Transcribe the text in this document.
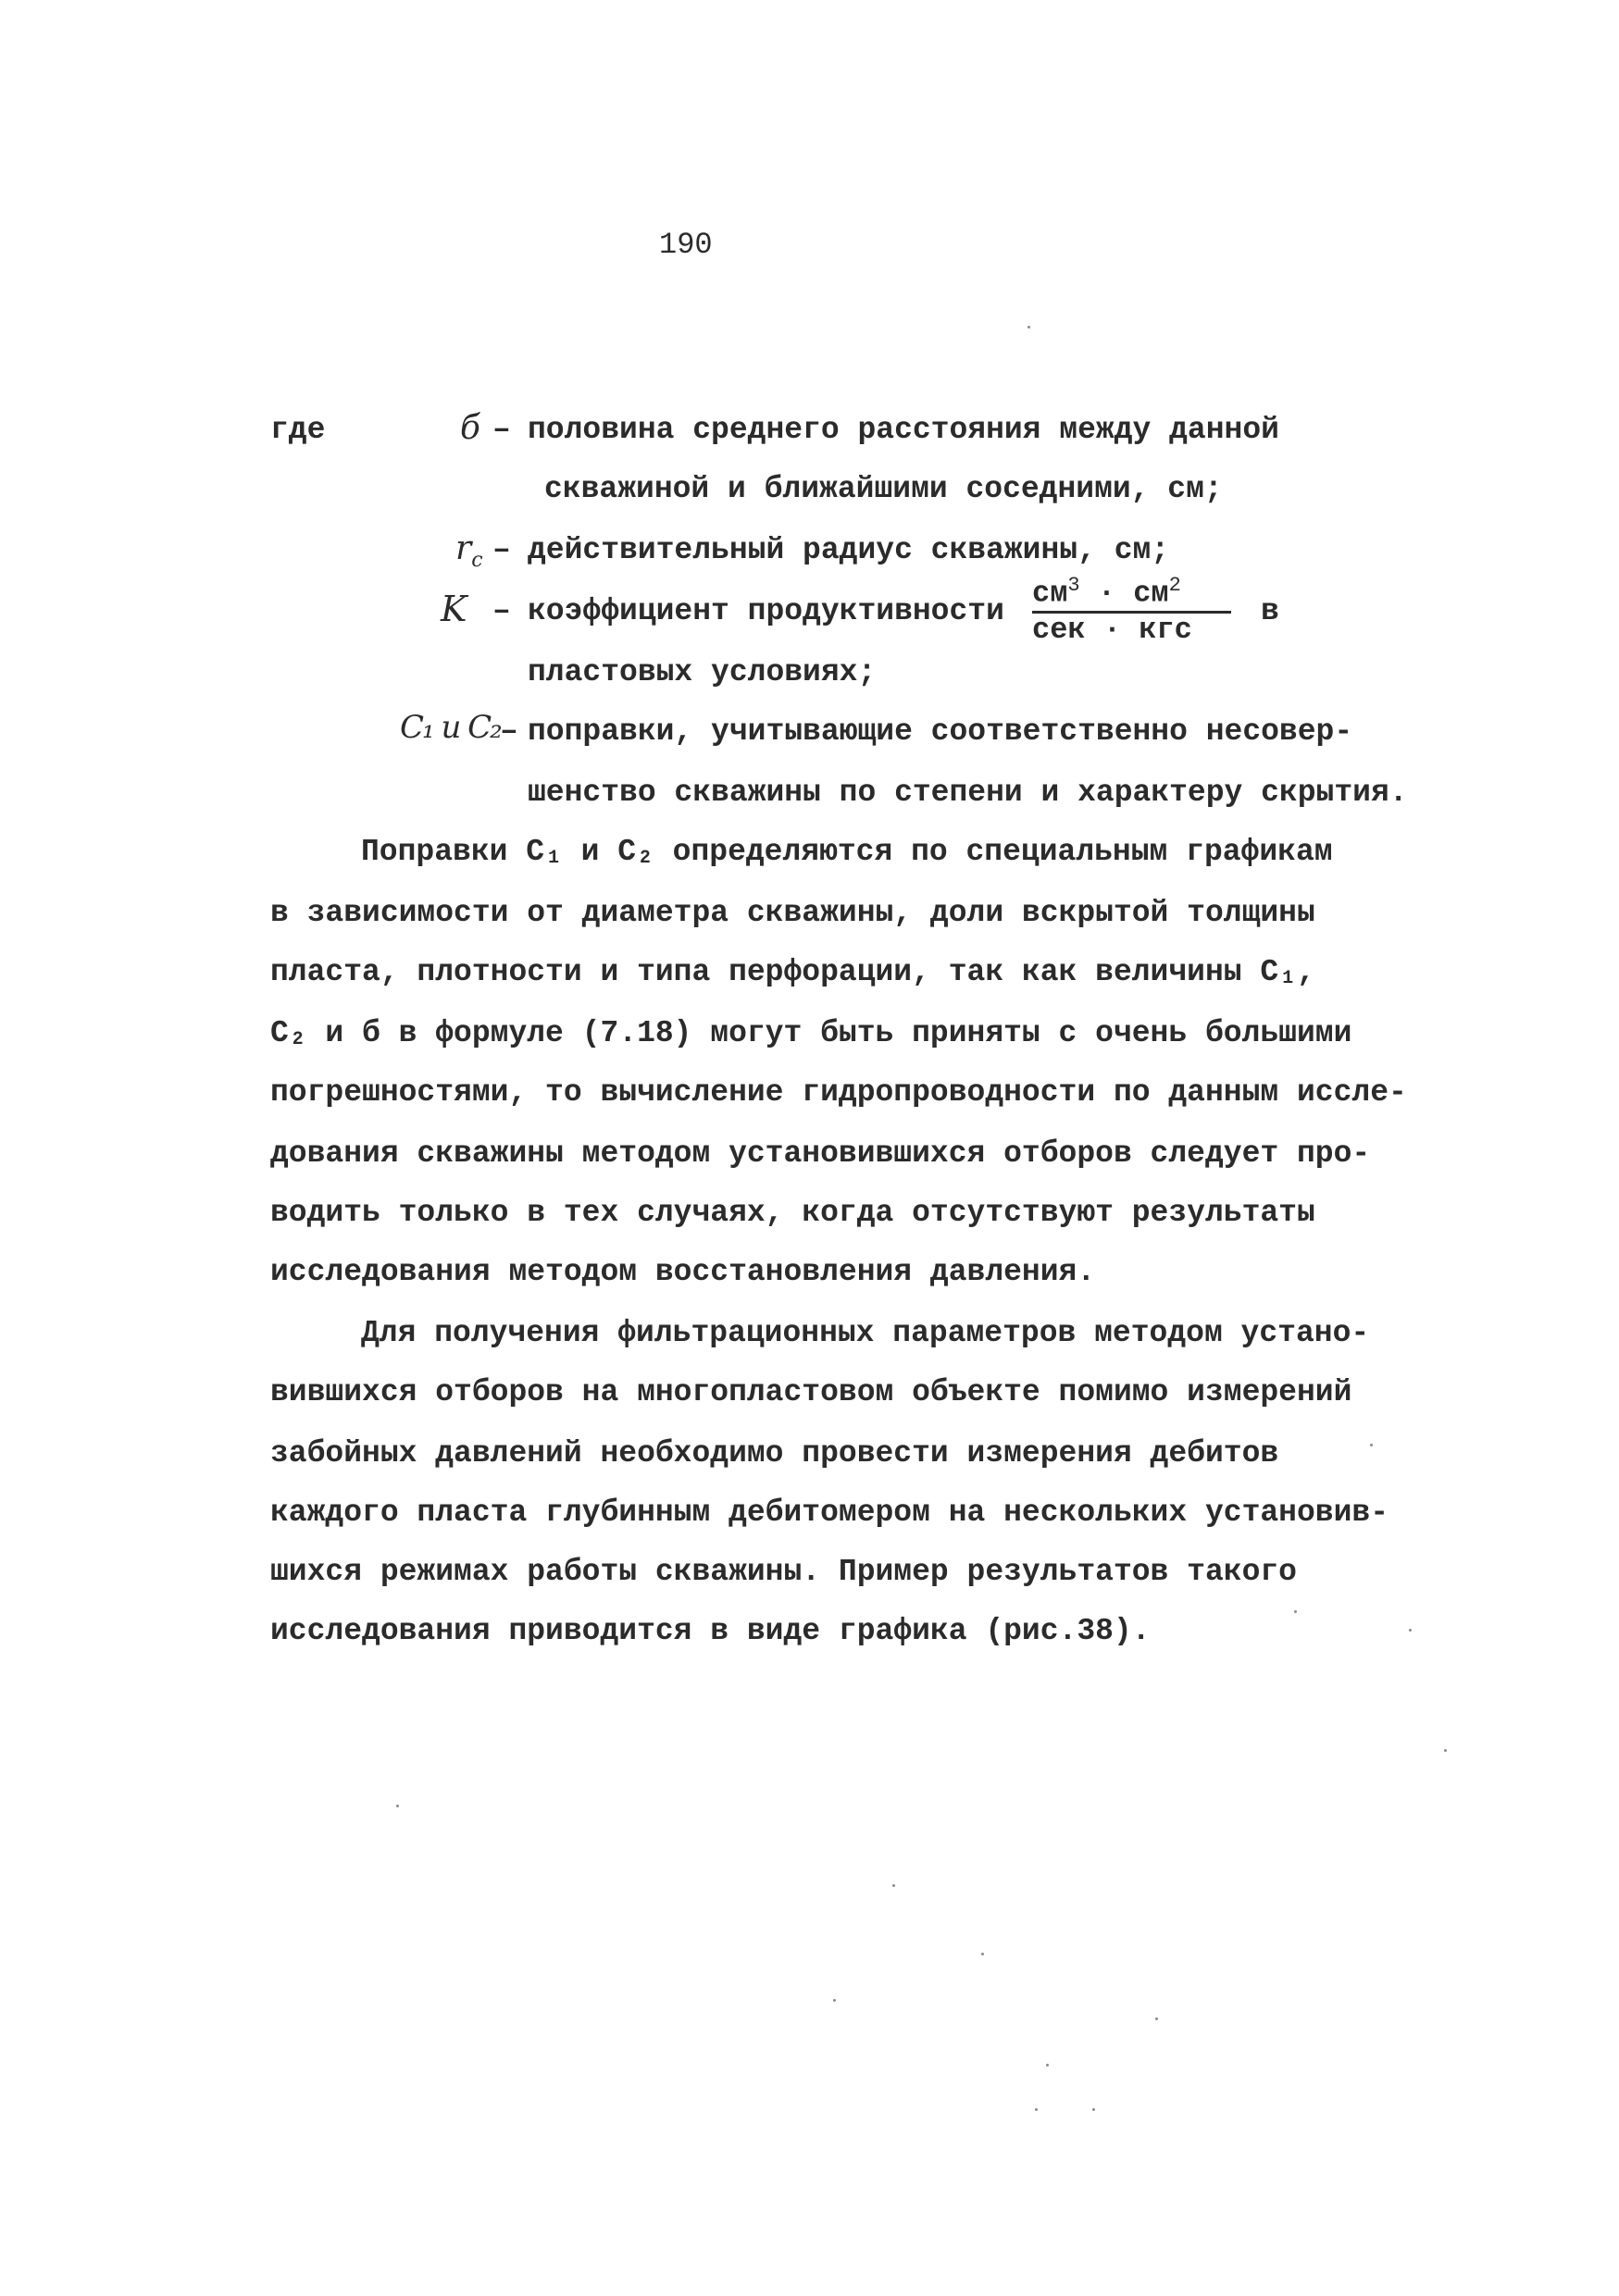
190
где	б – половина среднего расстояния между данной
скважиной и ближайшими соседними, см;
$r_c$ – действительный радиус скважины, см;
K – коэффициент продуктивности
$см^3 \cdot см^2$
сек · кгс
в
пластовых условиях;
C₁ и C₂ – поправки, учитывающие соответственно несовер-
шенство скважины по степени и характеру скрытия.
Поправки C₁ и C₂ определяются по специальным графикам
в зависимости от диаметра скважины, доли вскрытой толщины
пласта, плотности и типа перфорации, так как величины C₁,
C₂ и б в формуле (7.18) могут быть приняты с очень большими
погрешностями, то вычисление гидропроводности по данным иссле-
дования скважины методом установившихся отборов следует про-
водить только в тех случаях, когда отсутствуют результаты
исследования методом восстановления давления.
Для получения фильтрационных параметров методом устано-
вившихся отборов на многопластовом объекте помимо измерений
забойных давлений необходимо провести измерения дебитов
каждого пласта глубинным дебитомером на нескольких установив-
шихся режимах работы скважины. Пример результатов такого
исследования приводится в виде графика (рис.38).
